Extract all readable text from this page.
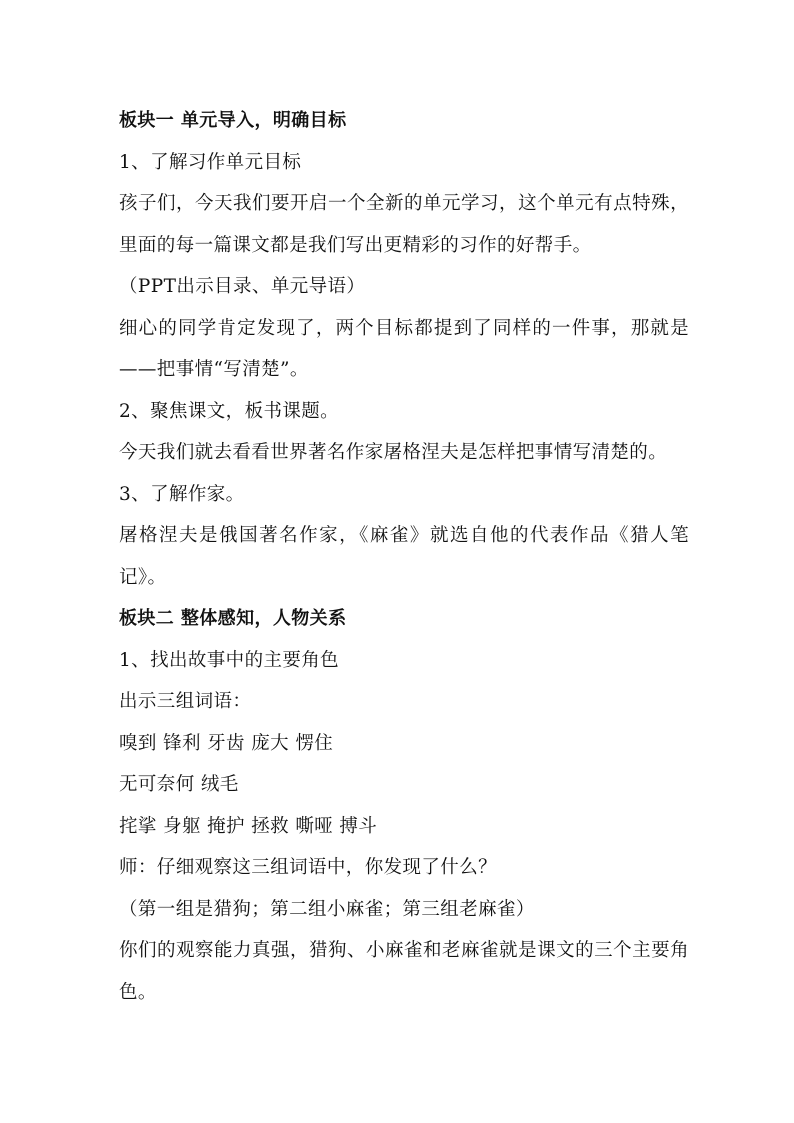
板块一 单元导入，明确目标
1、了解习作单元目标
孩子们，今天我们要开启一个全新的单元学习，这个单元有点特殊，
里面的每一篇课文都是我们写出更精彩的习作的好帮手。
（PPT出示目录、单元导语）
细心的同学肯定发现了，两个目标都提到了同样的一件事，那就是
——把事情“写清楚”。
2、聚焦课文，板书课题。
今天我们就去看看世界著名作家屠格涅夫是怎样把事情写清楚的。
3、了解作家。
屠格涅夫是俄国著名作家，《麻雀》就选自他的代表作品《猎人笔
记》。
板块二 整体感知，人物关系
1、找出故事中的主要角色
出示三组词语：
嗅到 锋利 牙齿 庞大 愣住
无可奈何 绒毛
挓挲 身躯 掩护 拯救 嘶哑 搏斗
师：仔细观察这三组词语中，你发现了什么？
（第一组是猎狗；第二组小麻雀；第三组老麻雀）
你们的观察能力真强，猎狗、小麻雀和老麻雀就是课文的三个主要角
色。
